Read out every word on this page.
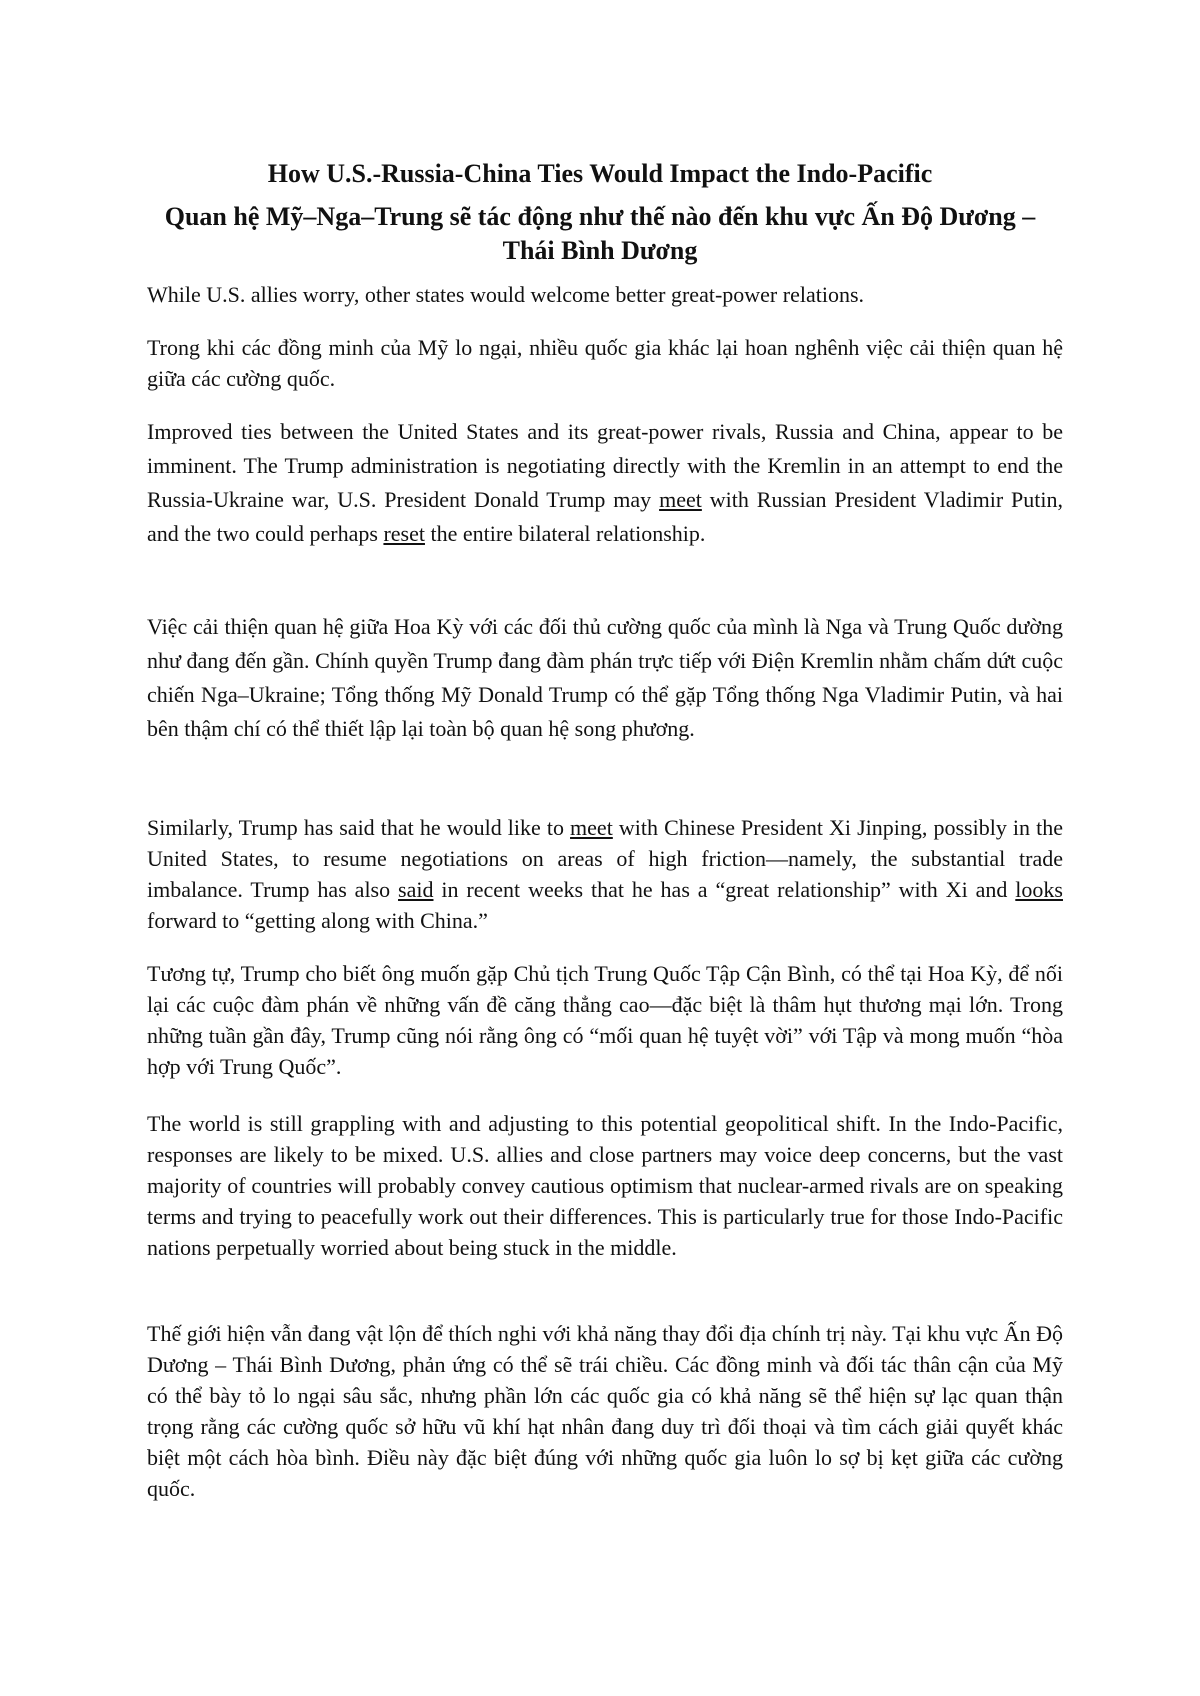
How U.S.-Russia-China Ties Would Impact the Indo-Pacific
Quan hệ Mỹ–Nga–Trung sẽ tác động như thế nào đến khu vực Ấn Độ Dương – Thái Bình Dương

While U.S. allies worry, other states would welcome better great-power relations.

Trong khi các đồng minh của Mỹ lo ngại, nhiều quốc gia khác lại hoan nghênh việc cải thiện quan hệ giữa các cường quốc.

Improved ties between the United States and its great-power rivals, Russia and China, appear to be imminent. The Trump administration is negotiating directly with the Kremlin in an attempt to end the Russia-Ukraine war, U.S. President Donald Trump may meet with Russian President Vladimir Putin, and the two could perhaps reset the entire bilateral relationship.

Việc cải thiện quan hệ giữa Hoa Kỳ với các đối thủ cường quốc của mình là Nga và Trung Quốc dường như đang đến gần. Chính quyền Trump đang đàm phán trực tiếp với Điện Kremlin nhằm chấm dứt cuộc chiến Nga–Ukraine; Tổng thống Mỹ Donald Trump có thể gặp Tổng thống Nga Vladimir Putin, và hai bên thậm chí có thể thiết lập lại toàn bộ quan hệ song phương.

Similarly, Trump has said that he would like to meet with Chinese President Xi Jinping, possibly in the United States, to resume negotiations on areas of high friction—namely, the substantial trade imbalance. Trump has also said in recent weeks that he has a “great relationship” with Xi and looks forward to “getting along with China.”

Tương tự, Trump cho biết ông muốn gặp Chủ tịch Trung Quốc Tập Cận Bình, có thể tại Hoa Kỳ, để nối lại các cuộc đàm phán về những vấn đề căng thẳng cao—đặc biệt là thâm hụt thương mại lớn. Trong những tuần gần đây, Trump cũng nói rằng ông có “mối quan hệ tuyệt vời” với Tập và mong muốn “hòa hợp với Trung Quốc”.

The world is still grappling with and adjusting to this potential geopolitical shift. In the Indo-Pacific, responses are likely to be mixed. U.S. allies and close partners may voice deep concerns, but the vast majority of countries will probably convey cautious optimism that nuclear-armed rivals are on speaking terms and trying to peacefully work out their differences. This is particularly true for those Indo-Pacific nations perpetually worried about being stuck in the middle.

Thế giới hiện vẫn đang vật lộn để thích nghi với khả năng thay đổi địa chính trị này. Tại khu vực Ấn Độ Dương – Thái Bình Dương, phản ứng có thể sẽ trái chiều. Các đồng minh và đối tác thân cận của Mỹ có thể bày tỏ lo ngại sâu sắc, nhưng phần lớn các quốc gia có khả năng sẽ thể hiện sự lạc quan thận trọng rằng các cường quốc sở hữu vũ khí hạt nhân đang duy trì đối thoại và tìm cách giải quyết khác biệt một cách hòa bình. Điều này đặc biệt đúng với những quốc gia luôn lo sợ bị kẹt giữa các cường quốc.
